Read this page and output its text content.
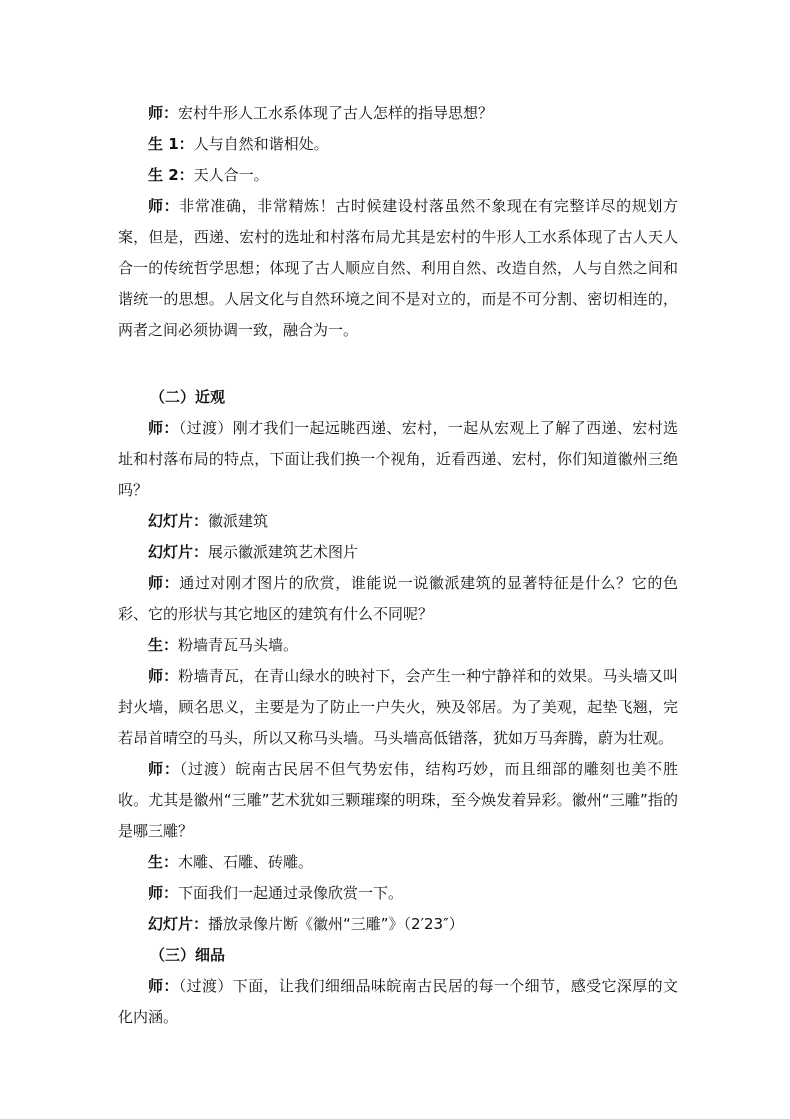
师：宏村牛形人工水系体现了古人怎样的指导思想？

生 1：人与自然和谐相处。

生 2：天人合一。

师：非常准确，非常精炼！古时候建设村落虽然不象现在有完整详尽的规划方案，但是，西递、宏村的选址和村落布局尤其是宏村的牛形人工水系体现了古人天人合一的传统哲学思想；体现了古人顺应自然、利用自然、改造自然，人与自然之间和谐统一的思想。人居文化与自然环境之间不是对立的，而是不可分割、密切相连的，两者之间必须协调一致，融合为一。

（二）近观

师：（过渡）刚才我们一起远眺西递、宏村，一起从宏观上了解了西递、宏村选址和村落布局的特点，下面让我们换一个视角，近看西递、宏村，你们知道徽州三绝吗？

幻灯片：徽派建筑

幻灯片：展示徽派建筑艺术图片

师：通过对刚才图片的欣赏，谁能说一说徽派建筑的显著特征是什么？它的色彩、它的形状与其它地区的建筑有什么不同呢？

生：粉墙青瓦马头墙。

师：粉墙青瓦，在青山绿水的映衬下，会产生一种宁静祥和的效果。马头墙又叫封火墙，顾名思义，主要是为了防止一户失火，殃及邻居。为了美观，起垫飞翘，完若昂首晴空的马头，所以又称马头墙。马头墙高低错落，犹如万马奔腾，蔚为壮观。

师：（过渡）皖南古民居不但气势宏伟，结构巧妙，而且细部的雕刻也美不胜收。尤其是徽州“三雕”艺术犹如三颗璀璨的明珠，至今焕发着异彩。徽州“三雕”指的是哪三雕？

生：木雕、石雕、砖雕。

师：下面我们一起通过录像欣赏一下。

幻灯片：播放录像片断《徽州“三雕”》（2′23″）

（三）细品

师：（过渡）下面，让我们细细品味皖南古民居的每一个细节，感受它深厚的文化内涵。
